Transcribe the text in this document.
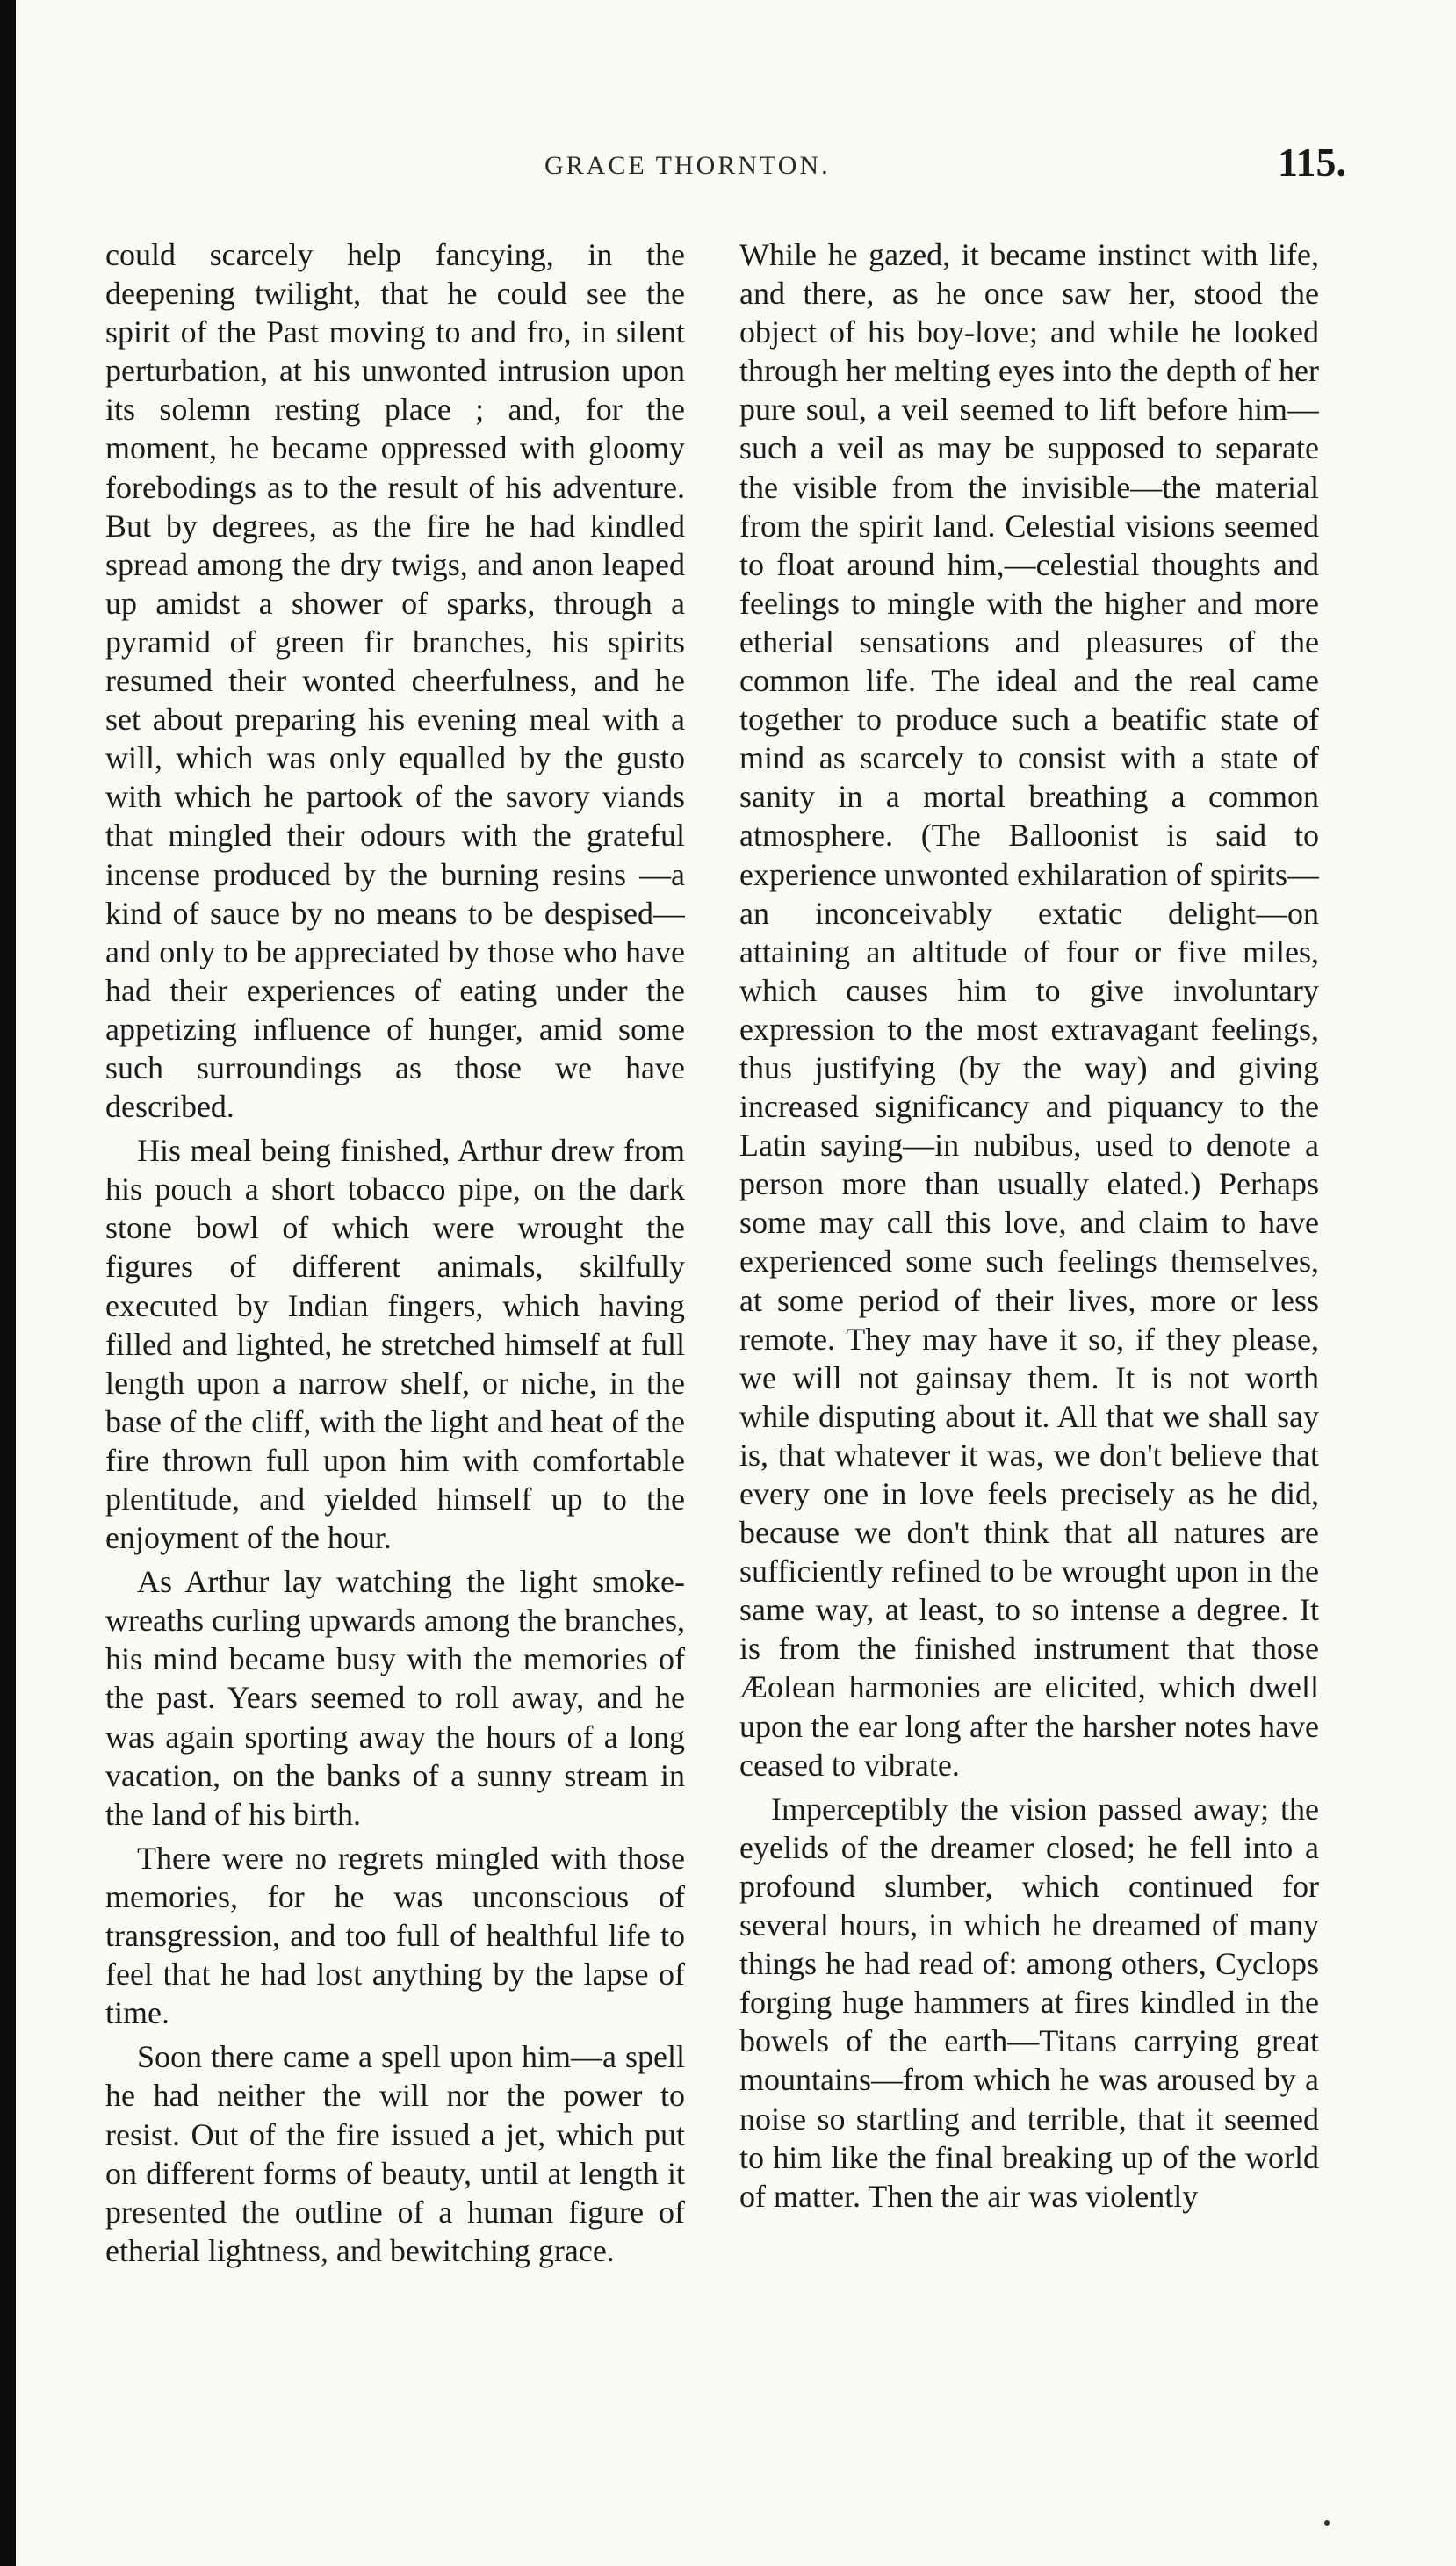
GRACE THORNTON.	115.

could scarcely help fancying, in the deepening twilight, that he could see the spirit of the Past moving to and fro, in silent perturbation, at his unwonted intrusion upon its solemn resting place ; and, for the moment, he became oppressed with gloomy forebodings as to the result of his adventure. But by degrees, as the fire he had kindled spread among the dry twigs, and anon leaped up amidst a shower of sparks, through a pyramid of green fir branches, his spirits resumed their wonted cheerfulness, and he set about preparing his evening meal with a will, which was only equalled by the gusto with which he partook of the savory viands that mingled their odours with the grateful incense produced by the burning resins —a kind of sauce by no means to be despised—and only to be appreciated by those who have had their experiences of eating under the appetizing influence of hunger, amid some such surroundings as those we have described.

His meal being finished, Arthur drew from his pouch a short tobacco pipe, on the dark stone bowl of which were wrought the figures of different animals, skilfully executed by Indian fingers, which having filled and lighted, he stretched himself at full length upon a narrow shelf, or niche, in the base of the cliff, with the light and heat of the fire thrown full upon him with comfortable plentitude, and yielded himself up to the enjoyment of the hour.

As Arthur lay watching the light smoke-wreaths curling upwards among the branches, his mind became busy with the memories of the past. Years seemed to roll away, and he was again sporting away the hours of a long vacation, on the banks of a sunny stream in the land of his birth.

There were no regrets mingled with those memories, for he was unconscious of transgression, and too full of healthful life to feel that he had lost anything by the lapse of time.

Soon there came a spell upon him—a spell he had neither the will nor the power to resist. Out of the fire issued a jet, which put on different forms of beauty, until at length it presented the outline of a human figure of etherial lightness, and bewitching grace.

While he gazed, it became instinct with life, and there, as he once saw her, stood the object of his boy-love; and while he looked through her melting eyes into the depth of her pure soul, a veil seemed to lift before him—such a veil as may be supposed to separate the visible from the invisible—the material from the spirit land. Celestial visions seemed to float around him,—celestial thoughts and feelings to mingle with the higher and more etherial sensations and pleasures of the common life. The ideal and the real came together to produce such a beatific state of mind as scarcely to consist with a state of sanity in a mortal breathing a common atmosphere. (The Balloonist is said to experience unwonted exhilaration of spirits—an inconceivably extatic delight—on attaining an altitude of four or five miles, which causes him to give involuntary expression to the most extravagant feelings, thus justifying (by the way) and giving increased significancy and piquancy to the Latin saying—in nubibus, used to denote a person more than usually elated.) Perhaps some may call this love, and claim to have experienced some such feelings themselves, at some period of their lives, more or less remote. They may have it so, if they please, we will not gainsay them. It is not worth while disputing about it. All that we shall say is, that whatever it was, we don't believe that every one in love feels precisely as he did, because we don't think that all natures are sufficiently refined to be wrought upon in the same way, at least, to so intense a degree. It is from the finished instrument that those Æolean harmonies are elicited, which dwell upon the ear long after the harsher notes have ceased to vibrate.

Imperceptibly the vision passed away; the eyelids of the dreamer closed; he fell into a profound slumber, which continued for several hours, in which he dreamed of many things he had read of: among others, Cyclops forging huge hammers at fires kindled in the bowels of the earth—Titans carrying great mountains—from which he was aroused by a noise so startling and terrible, that it seemed to him like the final breaking up of the world of matter. Then the air was violently
